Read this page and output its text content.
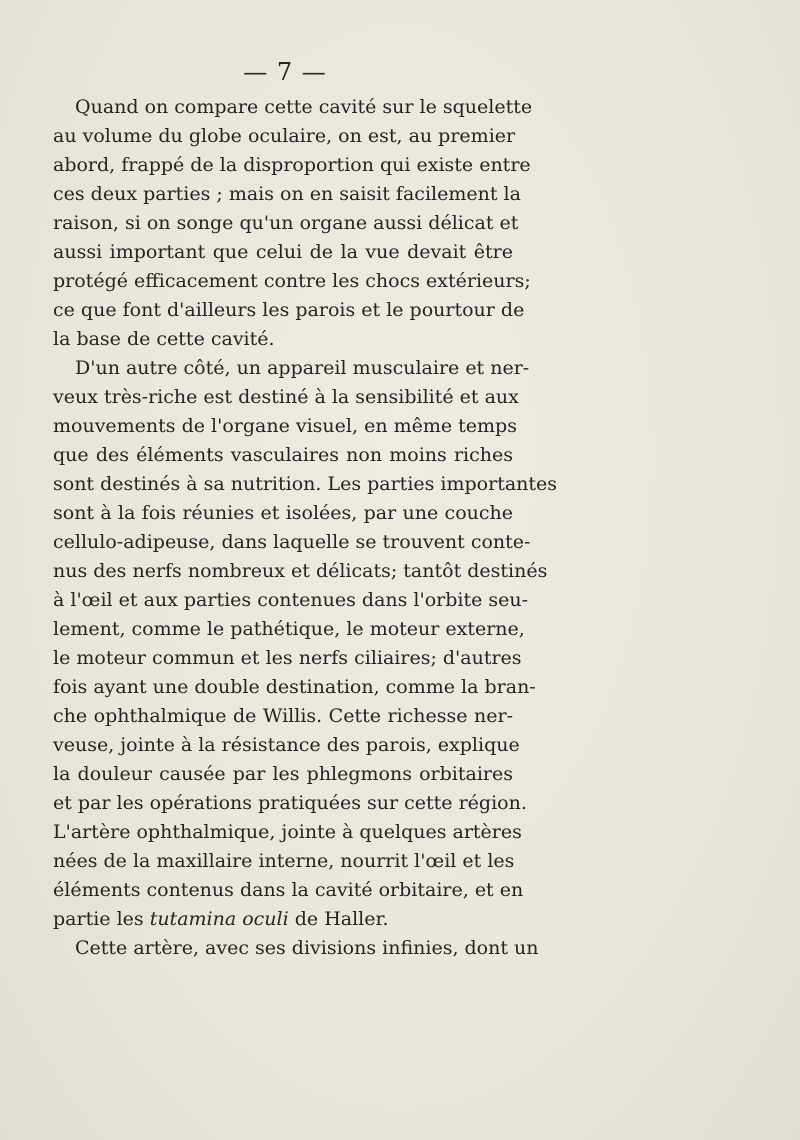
— 7 —
Quand on compare cette cavité sur le squelette
au volume du globe oculaire, on est, au premier
abord, frappé de la disproportion qui existe entre
ces deux parties ; mais on en saisit facilement la
raison, si on songe qu'un organe aussi délicat et
aussi important que celui de la vue devait être
protégé efficacement contre les chocs extérieurs;
ce que font d'ailleurs les parois et le pourtour de
la base de cette cavité.
D'un autre côté, un appareil musculaire et ner-
veux très-riche est destiné à la sensibilité et aux
mouvements de l'organe visuel, en même temps
que des éléments vasculaires non moins riches
sont destinés à sa nutrition. Les parties importantes
sont à la fois réunies et isolées, par une couche
cellulo-adipeuse, dans laquelle se trouvent conte-
nus des nerfs nombreux et délicats; tantôt destinés
à l'œil et aux parties contenues dans l'orbite seu-
lement, comme le pathétique, le moteur externe,
le moteur commun et les nerfs ciliaires; d'autres
fois ayant une double destination, comme la bran-
che ophthalmique de Willis. Cette richesse ner-
veuse, jointe à la résistance des parois, explique
la douleur causée par les phlegmons orbitaires
et par les opérations pratiquées sur cette région.
L'artère ophthalmique, jointe à quelques artères
nées de la maxillaire interne, nourrit l'œil et les
éléments contenus dans la cavité orbitaire, et en
partie les tutamina oculi de Haller.
Cette artère, avec ses divisions infinies, dont un
